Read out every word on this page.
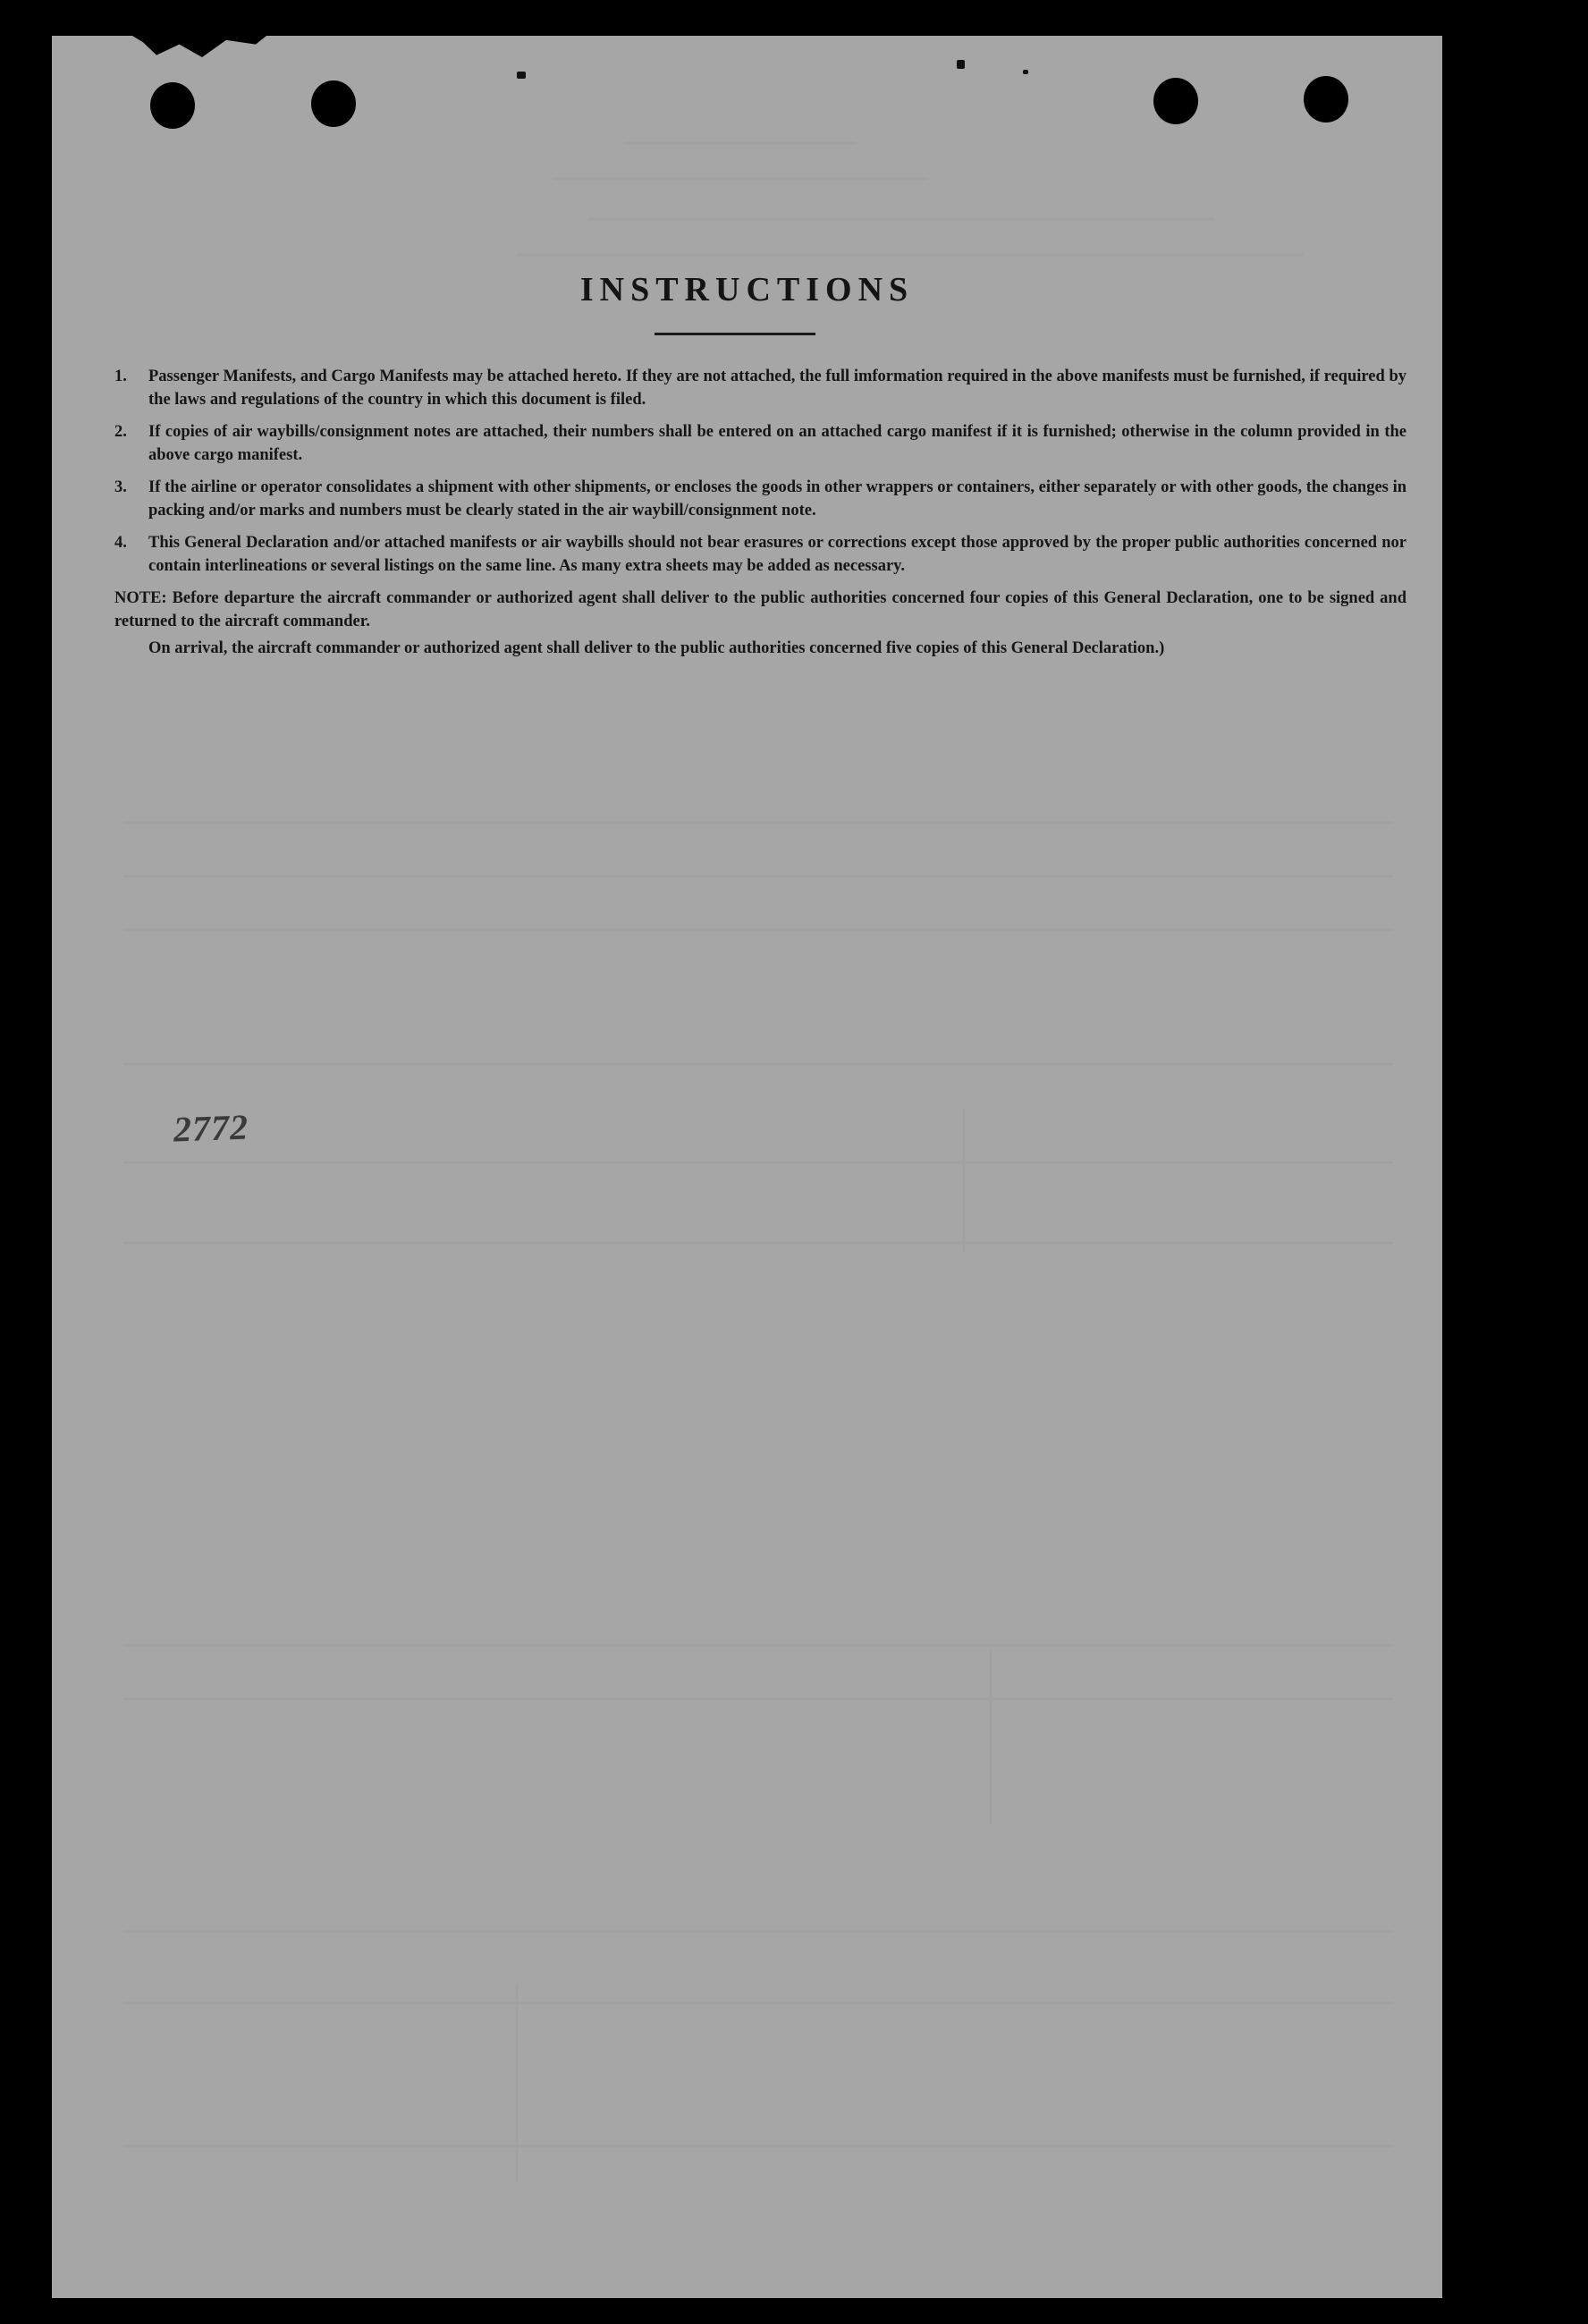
INSTRUCTIONS
1. Passenger Manifests, and Cargo Manifests may be attached hereto. If they are not attached, the full imformation required in the above manifests must be furnished, if required by the laws and regulations of the country in which this document is filed.
2. If copies of air waybills/consignment notes are attached, their numbers shall be entered on an attached cargo manifest if it is furnished; otherwise in the column provided in the above cargo manifest.
3. If the airline or operator consolidates a shipment with other shipments, or encloses the goods in other wrappers or containers, either separately or with other goods, the changes in packing and/or marks and numbers must be clearly stated in the air waybill/consignment note.
4. This General Declaration and/or attached manifests or air waybills should not bear erasures or corrections except those approved by the proper public authorities concerned nor contain interlineations or several listings on the same line. As many extra sheets may be added as necessary.
NOTE: Before departure the aircraft commander or authorized agent shall deliver to the public authorities concerned four copies of this General Declaration, one to be signed and returned to the aircraft commander.
On arrival, the aircraft commander or authorized agent shall deliver to the public authorities concerned five copies of this General Declaration.)
2772
